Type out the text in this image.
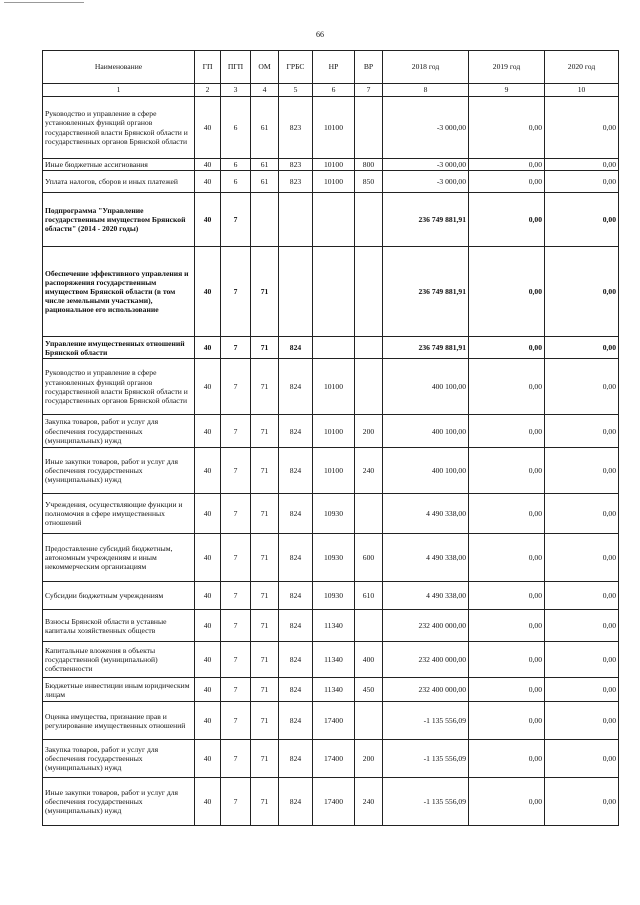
66
Наименование	ГП	ПГП	ОМ	ГРБС	НР	ВР	2018 год	2019 год	2020 год
1	2	3	4	5	6	7	8	9	10
Руководство и управление в сфере установленных функций органов государственной власти Брянской области и государственных органов Брянской области	40	6	61	823	10100		-3 000,00	0,00	0,00
Иные бюджетные ассигнования	40	6	61	823	10100	800	-3 000,00	0,00	0,00
Уплата налогов, сборов и иных платежей	40	6	61	823	10100	850	-3 000,00	0,00	0,00
Подпрограмма "Управление государственным имуществом Брянской области" (2014 - 2020 годы)	40	7					236 749 881,91	0,00	0,00
Обеспечение эффективного управления и распоряжения государственным имуществом Брянской области (в том числе земельными участками), рациональное его использование	40	7	71				236 749 881,91	0,00	0,00
Управление имущественных отношений Брянской области	40	7	71	824			236 749 881,91	0,00	0,00
Руководство и управление в сфере установленных функций органов государственной власти Брянской области и государственных органов Брянской области	40	7	71	824	10100		400 100,00	0,00	0,00
Закупка товаров, работ и услуг для обеспечения государственных (муниципальных) нужд	40	7	71	824	10100	200	400 100,00	0,00	0,00
Иные закупки товаров, работ и услуг для обеспечения государственных (муниципальных) нужд	40	7	71	824	10100	240	400 100,00	0,00	0,00
Учреждения, осуществляющие функции и полномочия в сфере имущественных отношений	40	7	71	824	10930		4 490 338,00	0,00	0,00
Предоставление субсидий бюджетным, автономным учреждениям и иным некоммерческим организациям	40	7	71	824	10930	600	4 490 338,00	0,00	0,00
Субсидии бюджетным учреждениям	40	7	71	824	10930	610	4 490 338,00	0,00	0,00
Взносы Брянской области в уставные капиталы хозяйственных обществ	40	7	71	824	11340		232 400 000,00	0,00	0,00
Капитальные вложения в объекты государственной (муниципальной) собственности	40	7	71	824	11340	400	232 400 000,00	0,00	0,00
Бюджетные инвестиции иным юридическим лицам	40	7	71	824	11340	450	232 400 000,00	0,00	0,00
Оценка имущества, признание прав и регулирование имущественных отношений	40	7	71	824	17400		-1 135 556,09	0,00	0,00
Закупка товаров, работ и услуг для обеспечения государственных (муниципальных) нужд	40	7	71	824	17400	200	-1 135 556,09	0,00	0,00
Иные закупки товаров, работ и услуг для обеспечения государственных (муниципальных) нужд	40	7	71	824	17400	240	-1 135 556,09	0,00	0,00
